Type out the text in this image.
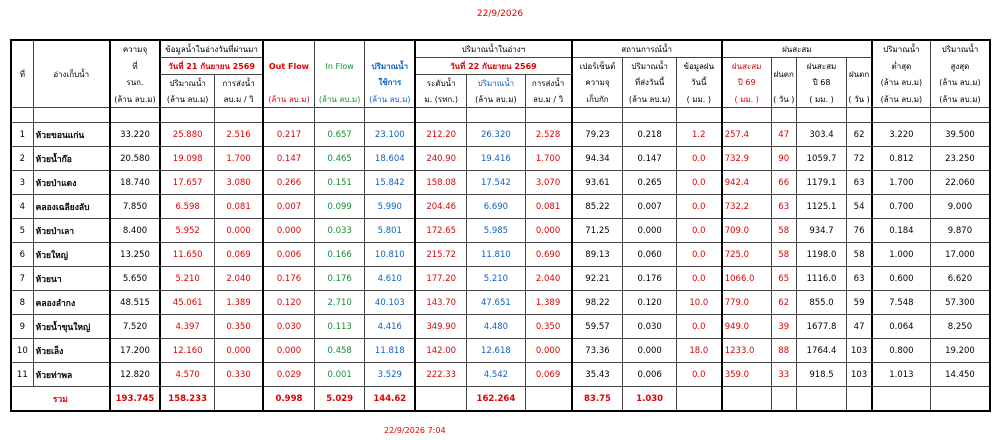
22/9/2026
ที่	อ่างเก็บน้ำ	ความจุ	ข้อมูลน้ำในอ่างวันที่ผ่านมา					ปริมาณน้ำในอ่างฯ			สถานการณ์น้ำ			ฝนสะสม				ปริมาณน้ำ	ปริมาณน้ำ
		ที่	วันที่ 21 กันยายน 2569		Out Flow	In Flow	ปริมาณน้ำ	วันที่ 22 กันยายน 2569			เปอร์เซ็นต์	ปริมาณน้ำ	ข้อมูลฝน	ฝนสะสม	ฝนตก	ฝนสะสม	ฝนตก	ต่ำสุด	สูงสุด
		รนก.	ปริมาณน้ำ	การส่งน้ำ			ใช้การ	ระดับน้ำ	ปริมาณน้ำ	การส่งน้ำ	ความจุ	ที่ส่งวันนี้	วันนี้	ปี 69		ปี 68		(ล้าน ลบ.ม)	(ล้าน ลบ.ม)
		(ล้าน ลบ.ม)	(ล้าน ลบ.ม)	ลบ.ม / วิ	(ล้าน ลบ.ม)	(ล้าน ลบ.ม)	(ล้าน ลบ.ม)	ม. (รทก.)	(ล้าน ลบ.ม)	ลบ.ม / วิ	เก็บกัก	(ล้าน ลบ.ม)	( มม. )	( มม. )	( วัน )	( มม. )	( วัน )	(ล้าน ลบ.ม)	(ล้าน ลบ.ม)

1	ห้วยขอนแก่น	33.220	25.880	2.516	0.217	0.657	23.100	212.20	26.320	2.528	79.23	0.218	1.2	257.4	47	303.4	62	3.220	39.500
2	ห้วยน้ำก๊อ	20.580	19.098	1.700	0.147	0.465	18.604	240.90	19.416	1.700	94.34	0.147	0.0	732.9	90	1059.7	72	0.812	23.250
3	ห้วยป่าแดง	18.740	17.657	3.080	0.266	0.151	15.842	158.08	17.542	3.070	93.61	0.265	0.0	942.4	66	1179.1	63	1.700	22.060
4	คลองเฉลียงลับ	7.850	6.598	0.081	0.007	0.099	5.990	204.46	6.690	0.081	85.22	0.007	0.0	732.2	63	1125.1	54	0.700	9.000
5	ห้วยป่าเลา	8.400	5.952	0.000	0.000	0.033	5.801	172.65	5.985	0.000	71.25	0.000	0.0	709.0	58	934.7	76	0.184	9.870
6	ห้วยใหญ่	13.250	11.650	0.069	0.006	0.166	10.810	215.72	11.810	0.690	89.13	0.060	0.0	725.0	58	1198.0	58	1.000	17.000
7	ห้วยนา	5.650	5.210	2.040	0.176	0.176	4.610	177.20	5.210	2.040	92.21	0.176	0.0	1066.0	65	1116.0	63	0.600	6.620
8	คลองลำกง	48.515	45.061	1.389	0.120	2.710	40.103	143.70	47.651	1.389	98.22	0.120	10.0	779.0	62	855.0	59	7.548	57.300
9	ห้วยน้ำขุนใหญ่	7.520	4.397	0.350	0.030	0.113	4.416	349.90	4.480	0.350	59.57	0.030	0.0	949.0	39	1677.8	47	0.064	8.250
10	ห้วยเล็ง	17.200	12.160	0.000	0.000	0.458	11.818	142.00	12.618	0.000	73.36	0.000	18.0	1233.0	88	1764.4	103	0.800	19.200
11	ห้วยท่าพล	12.820	4.570	0.330	0.029	0.001	3.529	222.33	4.542	0.069	35.43	0.006	0.0	359.0	33	918.5	103	1.013	14.450
รวม		193.745	158.233		0.998	5.029	144.62		162.264		83.75	1.030							
22/9/2026 7:04
